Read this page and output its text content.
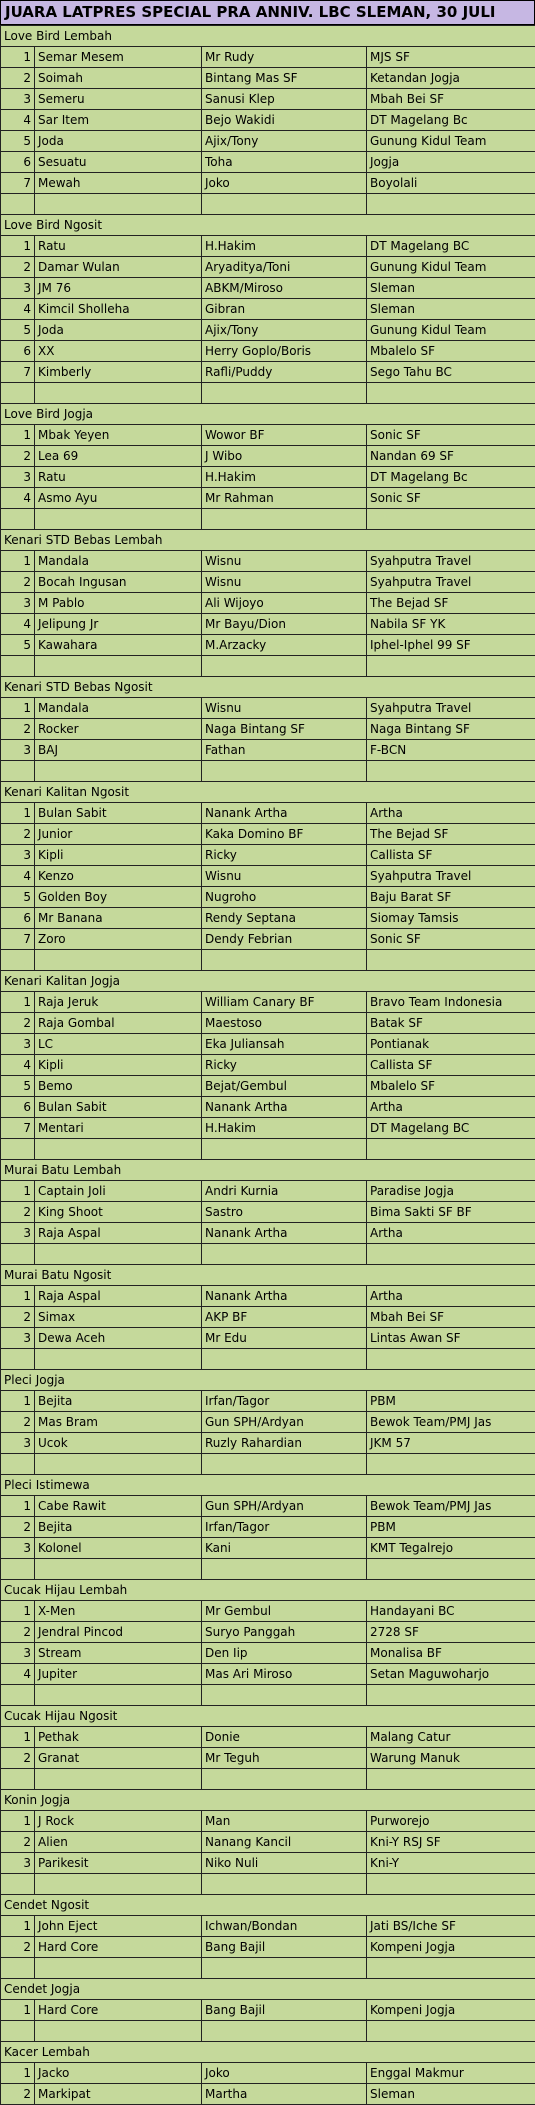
JUARA LATPRES SPECIAL PRA ANNIV. LBC SLEMAN, 30 JULI
Love Bird Lembah			
1	Semar Mesem	Mr Rudy	MJS SF
2	Soimah	Bintang Mas SF	Ketandan Jogja
3	Semeru	Sanusi Klep	Mbah Bei SF
4	Sar Item	Bejo Wakidi	DT Magelang Bc
5	Joda	Ajix/Tony	Gunung Kidul Team
6	Sesuatu	Toha	Jogja
7	Mewah	Joko	Boyolali

Love Bird Ngosit			
1	Ratu	H.Hakim	DT Magelang BC
2	Damar Wulan	Aryaditya/Toni	Gunung Kidul Team
3	JM 76	ABKM/Miroso	Sleman
4	Kimcil Sholleha	Gibran	Sleman
5	Joda	Ajix/Tony	Gunung Kidul Team
6	XX	Herry Goplo/Boris	Mbalelo SF
7	Kimberly	Rafli/Puddy	Sego Tahu BC

Love Bird Jogja			
1	Mbak Yeyen	Wowor BF	Sonic SF
2	Lea 69	J Wibo	Nandan 69 SF
3	Ratu	H.Hakim	DT Magelang Bc
4	Asmo Ayu	Mr Rahman	Sonic SF

Kenari STD Bebas Lembah			
1	Mandala	Wisnu	Syahputra Travel
2	Bocah Ingusan	Wisnu	Syahputra Travel
3	M Pablo	Ali Wijoyo	The Bejad SF
4	Jelipung Jr	Mr Bayu/Dion	Nabila SF YK
5	Kawahara	M.Arzacky	Iphel-Iphel 99 SF

Kenari STD Bebas Ngosit			
1	Mandala	Wisnu	Syahputra Travel
2	Rocker	Naga Bintang SF	Naga Bintang SF
3	BAJ	Fathan	F-BCN

Kenari Kalitan Ngosit			
1	Bulan Sabit	Nanank Artha	Artha
2	Junior	Kaka Domino BF	The Bejad SF
3	Kipli	Ricky	Callista SF
4	Kenzo	Wisnu	Syahputra Travel
5	Golden Boy	Nugroho	Baju Barat SF
6	Mr Banana	Rendy Septana	Siomay Tamsis
7	Zoro	Dendy Febrian	Sonic SF

Kenari Kalitan Jogja			
1	Raja Jeruk	William Canary BF	Bravo Team Indonesia
2	Raja Gombal	Maestoso	Batak SF
3	LC	Eka Juliansah	Pontianak
4	Kipli	Ricky	Callista SF
5	Bemo	Bejat/Gembul	Mbalelo SF
6	Bulan Sabit	Nanank Artha	Artha
7	Mentari	H.Hakim	DT Magelang BC

Murai Batu Lembah			
1	Captain Joli	Andri Kurnia	Paradise Jogja
2	King Shoot	Sastro	Bima Sakti SF BF
3	Raja Aspal	Nanank Artha	Artha

Murai Batu Ngosit			
1	Raja Aspal	Nanank Artha	Artha
2	Simax	AKP BF	Mbah Bei SF
3	Dewa Aceh	Mr Edu	Lintas Awan SF

Pleci Jogja			
1	Bejita	Irfan/Tagor	PBM
2	Mas Bram	Gun SPH/Ardyan	Bewok Team/PMJ Jas
3	Ucok	Ruzly Rahardian	JKM 57

Pleci Istimewa			
1	Cabe Rawit	Gun SPH/Ardyan	Bewok Team/PMJ Jas
2	Bejita	Irfan/Tagor	PBM
3	Kolonel	Kani	KMT Tegalrejo

Cucak Hijau Lembah			
1	X-Men	Mr Gembul	Handayani BC
2	Jendral Pincod	Suryo Panggah	2728 SF
3	Stream	Den Iip	Monalisa BF
4	Jupiter	Mas Ari Miroso	Setan Maguwoharjo

Cucak Hijau Ngosit			
1	Pethak	Donie	Malang Catur
2	Granat	Mr Teguh	Warung Manuk

Konin Jogja			
1	J Rock	Man	Purworejo
2	Alien	Nanang Kancil	Kni-Y RSJ SF
3	Parikesit	Niko Nuli	Kni-Y

Cendet Ngosit			
1	John Eject	Ichwan/Bondan	Jati BS/Iche SF
2	Hard Core	Bang Bajil	Kompeni Jogja

Cendet Jogja			
1	Hard Core	Bang Bajil	Kompeni Jogja

Kacer Lembah			
1	Jacko	Joko	Enggal Makmur
2	Markipat	Martha	Sleman
